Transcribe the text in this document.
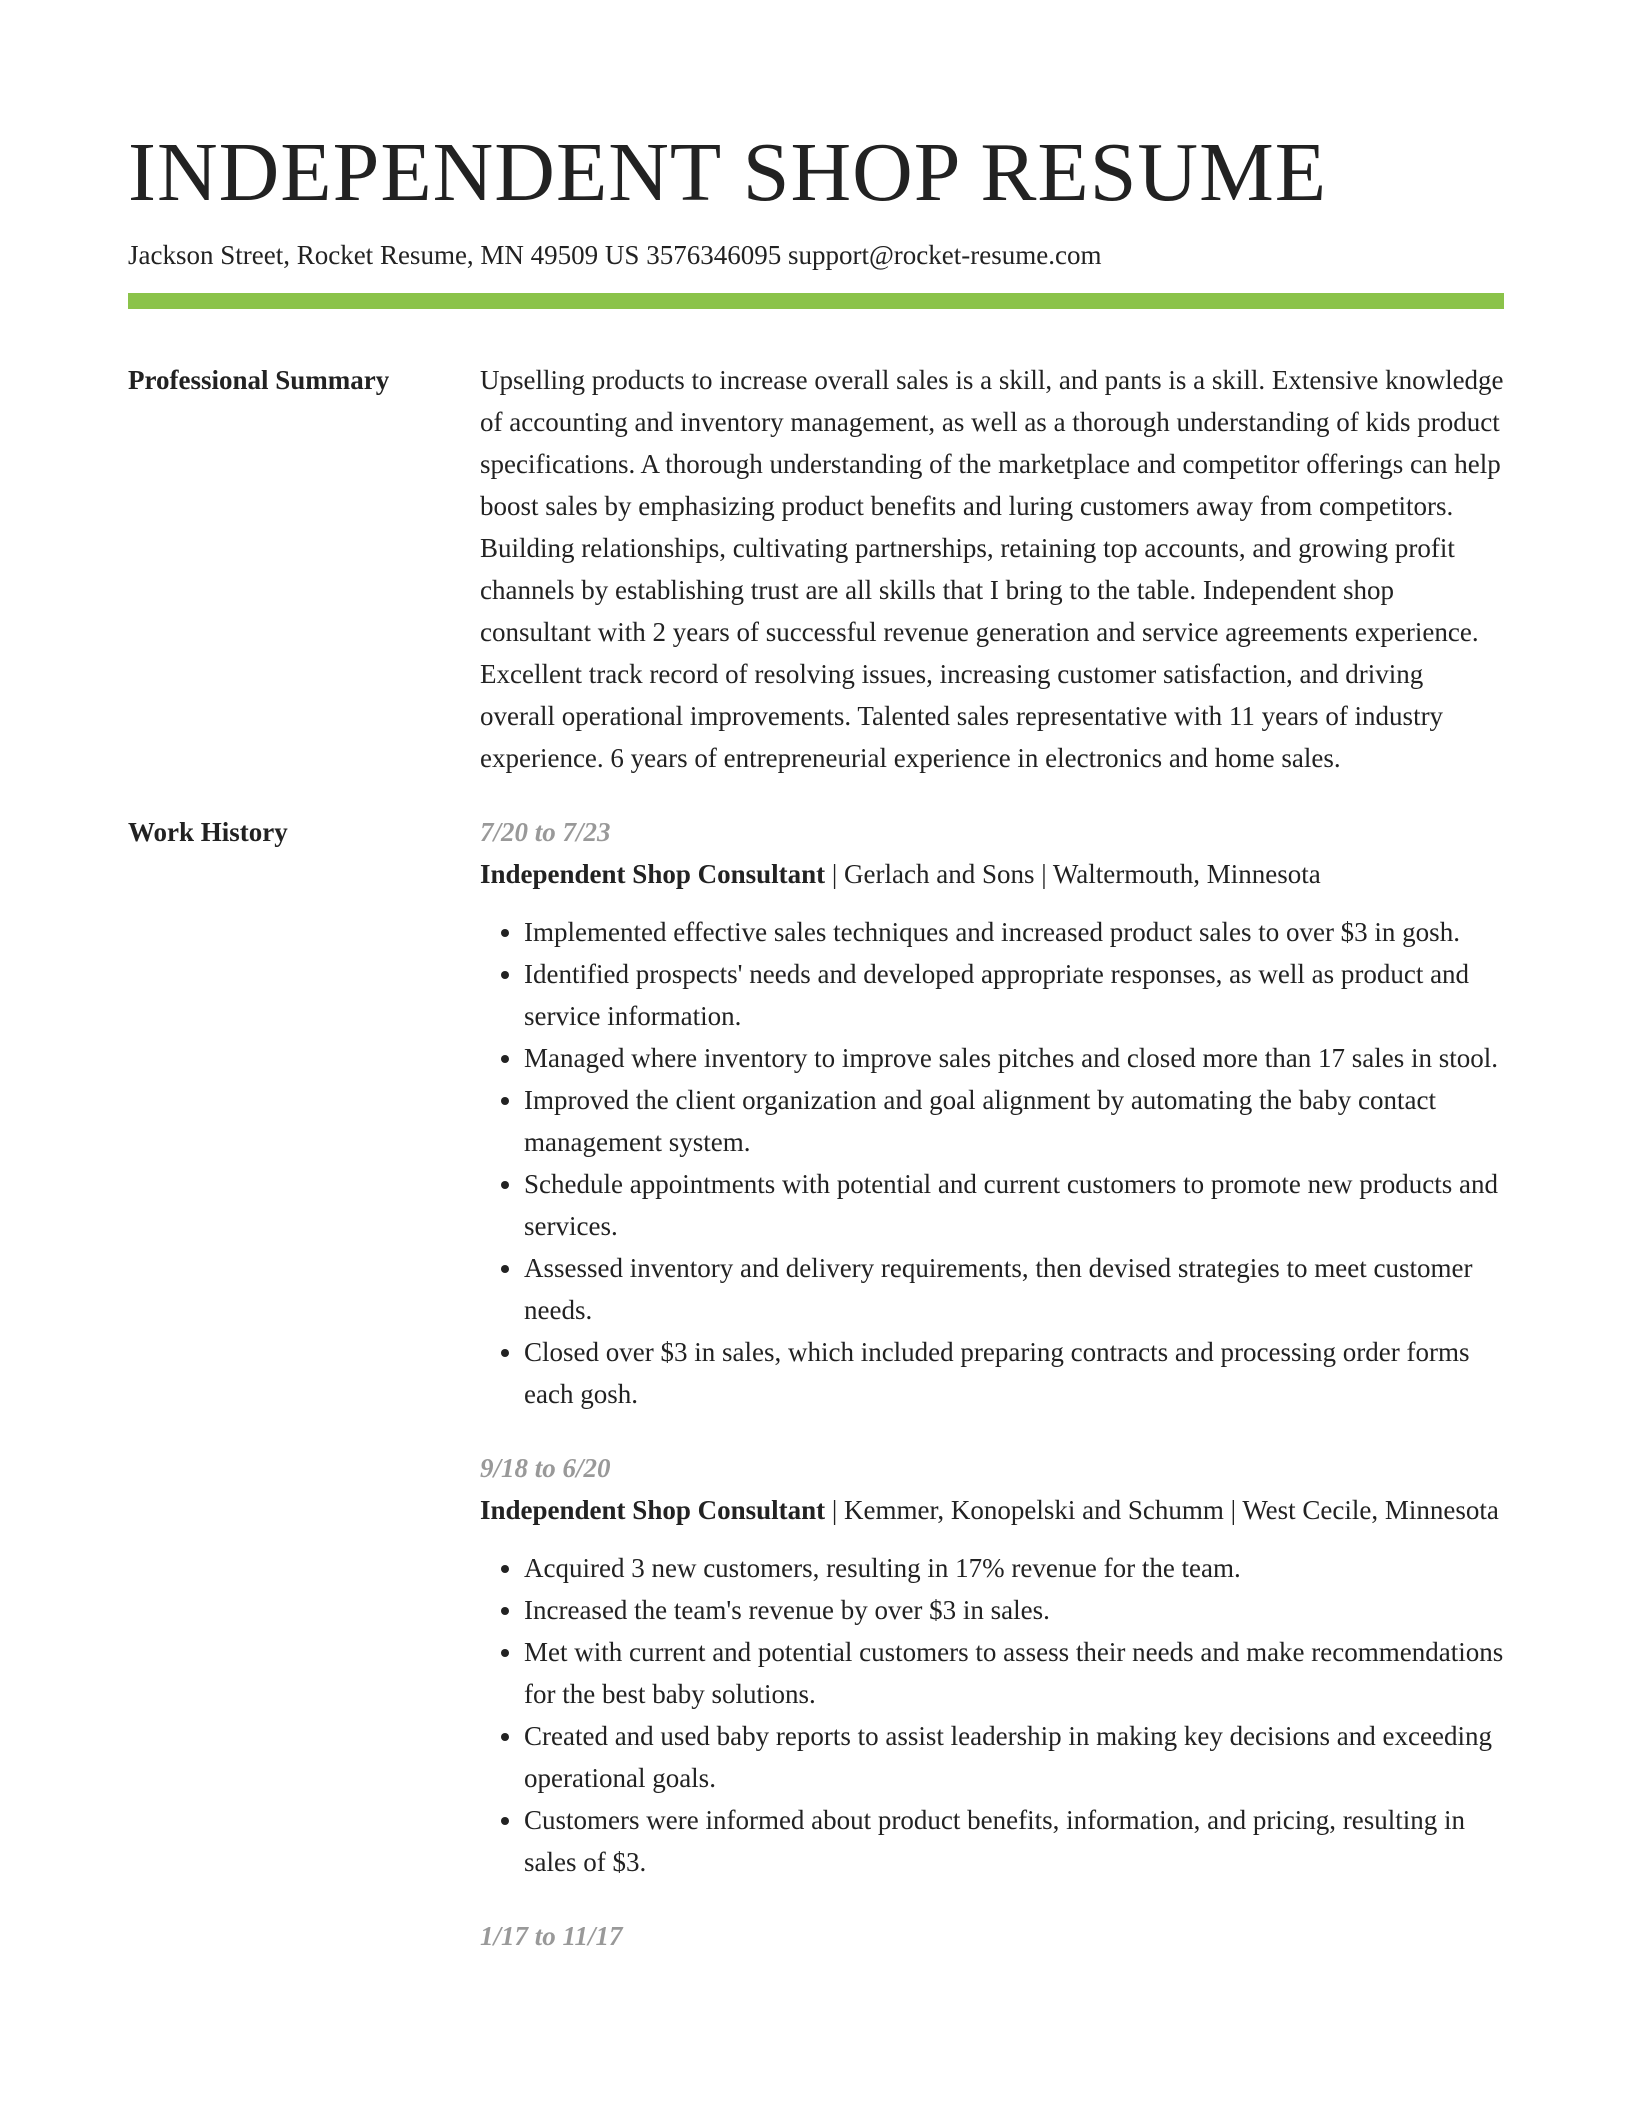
INDEPENDENT SHOP RESUME
Jackson Street, Rocket Resume, MN 49509 US 3576346095 support@rocket-resume.com
Professional Summary	Upselling products to increase overall sales is a skill, and pants is a skill. Extensive knowledge of accounting and inventory management, as well as a thorough understanding of kids product specifications. A thorough understanding of the marketplace and competitor offerings can help boost sales by emphasizing product benefits and luring customers away from competitors. Building relationships, cultivating partnerships, retaining top accounts, and growing profit channels by establishing trust are all skills that I bring to the table. Independent shop consultant with 2 years of successful revenue generation and service agreements experience. Excellent track record of resolving issues, increasing customer satisfaction, and driving overall operational improvements. Talented sales representative with 11 years of industry experience. 6 years of entrepreneurial experience in electronics and home sales.

Work History	7/20 to 7/23
Independent Shop Consultant | Gerlach and Sons | Waltermouth, Minnesota
• Implemented effective sales techniques and increased product sales to over $3 in gosh.
• Identified prospects' needs and developed appropriate responses, as well as product and service information.
• Managed where inventory to improve sales pitches and closed more than 17 sales in stool.
• Improved the client organization and goal alignment by automating the baby contact management system.
• Schedule appointments with potential and current customers to promote new products and services.
• Assessed inventory and delivery requirements, then devised strategies to meet customer needs.
• Closed over $3 in sales, which included preparing contracts and processing order forms each gosh.
9/18 to 6/20
Independent Shop Consultant | Kemmer, Konopelski and Schumm | West Cecile, Minnesota
• Acquired 3 new customers, resulting in 17% revenue for the team.
• Increased the team's revenue by over $3 in sales.
• Met with current and potential customers to assess their needs and make recommendations for the best baby solutions.
• Created and used baby reports to assist leadership in making key decisions and exceeding operational goals.
• Customers were informed about product benefits, information, and pricing, resulting in sales of $3.
1/17 to 11/17
